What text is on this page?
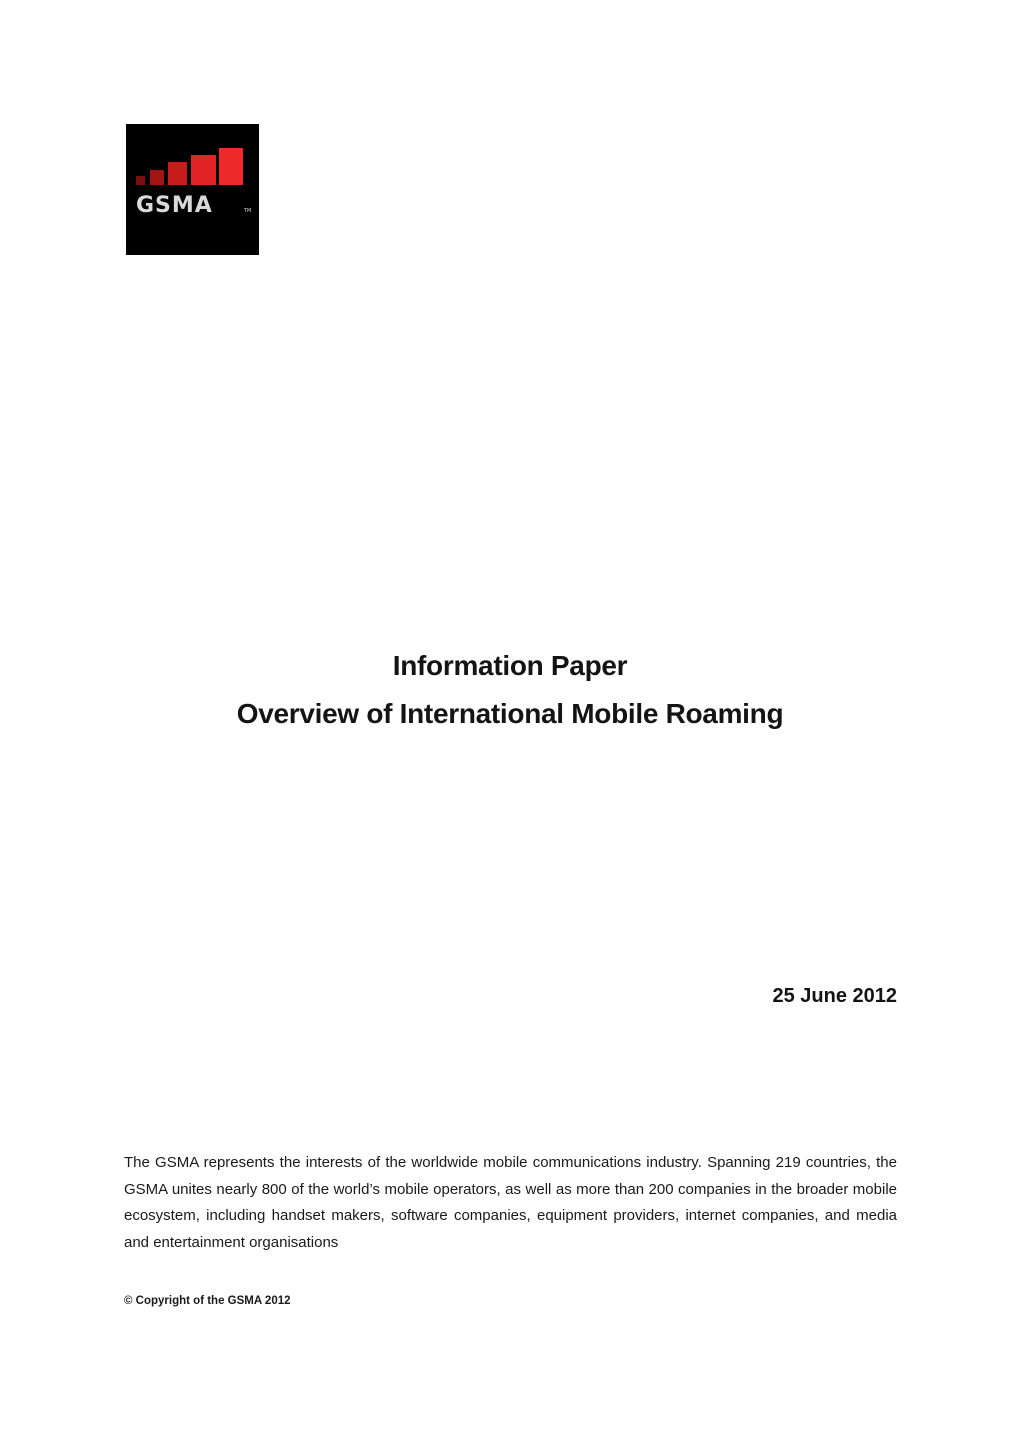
GSMA	TM
Information Paper
Overview of International Mobile Roaming
25 June 2012
The GSMA represents the interests of the worldwide mobile communications industry. Spanning 219 countries, the GSMA unites nearly 800 of the world’s mobile operators, as well as more than 200 companies in the broader mobile ecosystem, including handset makers, software companies, equipment providers, internet companies, and media and entertainment organisations
© Copyright of the GSMA 2012
